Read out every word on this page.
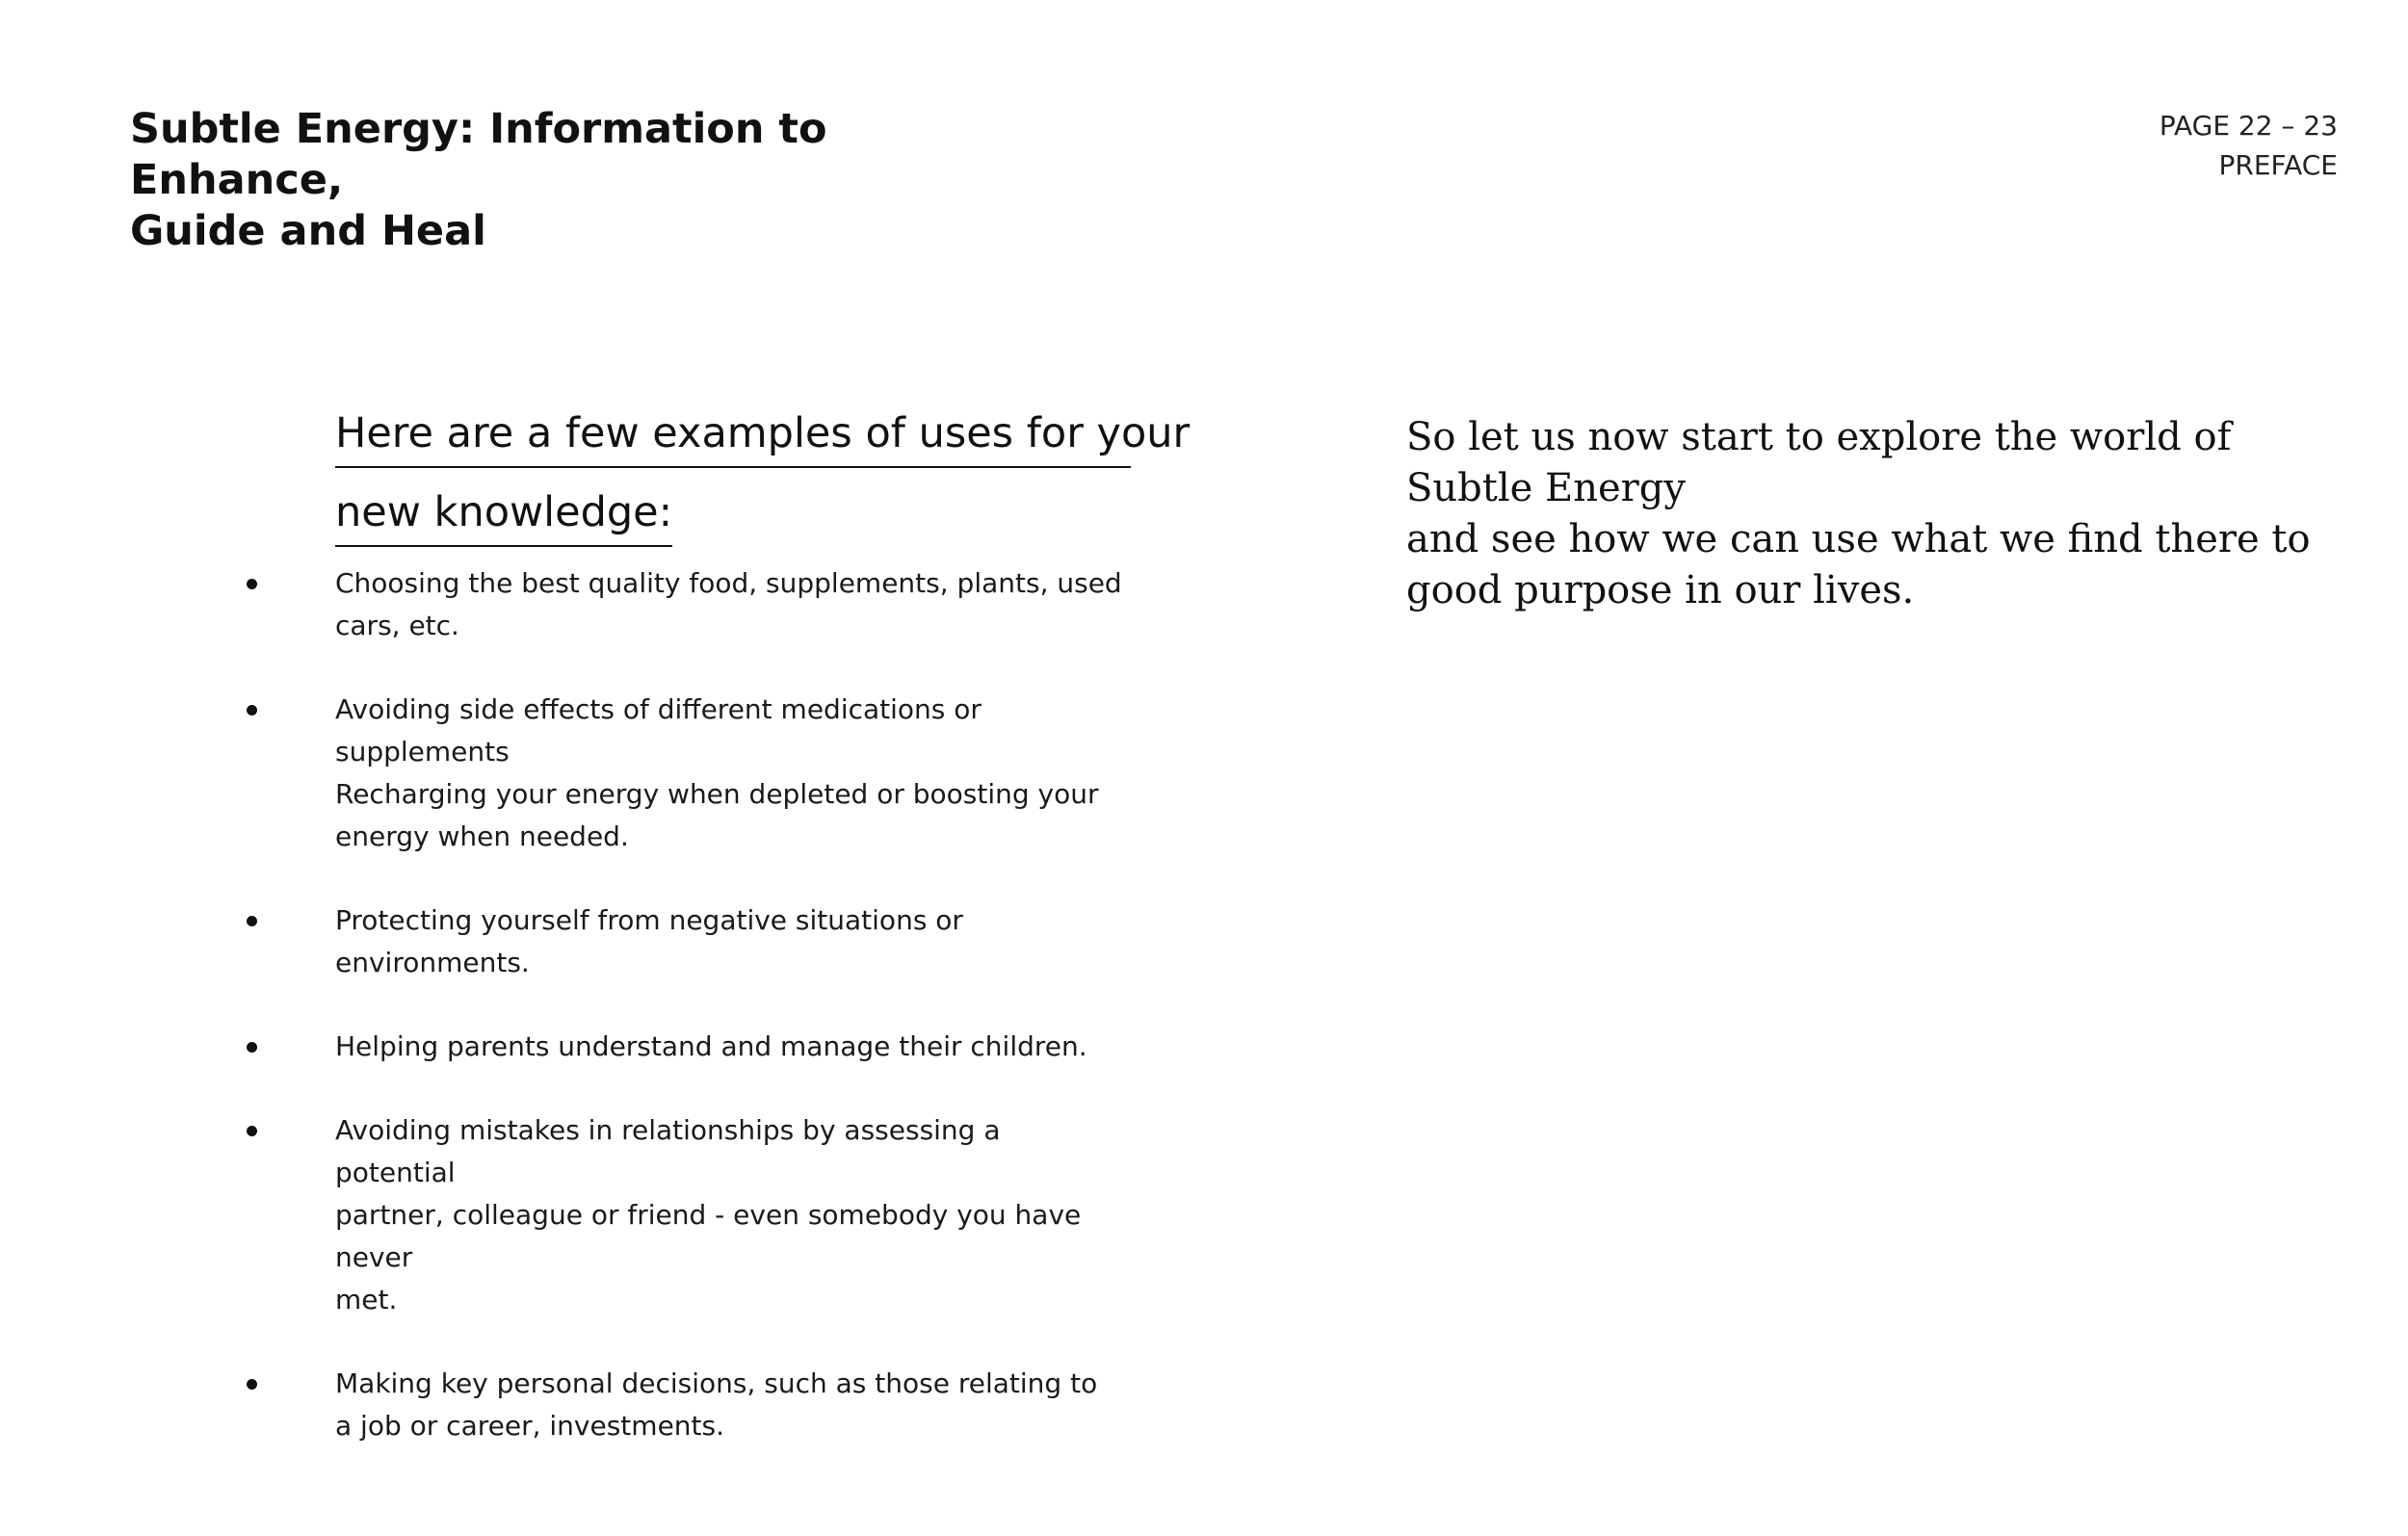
Subtle Energy: Information to Enhance,
Guide and Heal
PAGE 22 – 23
PREFACE
Here are a few examples of uses for your
new knowledge:
Choosing the best quality food, supplements, plants, used
cars, etc.
Avoiding side effects of different medications or supplements
Recharging your energy when depleted or boosting your
energy when needed.
Protecting yourself from negative situations or environments.
Helping parents understand and manage their children.
Avoiding mistakes in relationships by assessing a potential
partner, colleague or friend - even somebody you have never
met.
Making key personal decisions, such as those relating to
a job or career, investments.
So let us now start to explore the world of Subtle Energy
and see how we can use what we find there to
good purpose in our lives.
